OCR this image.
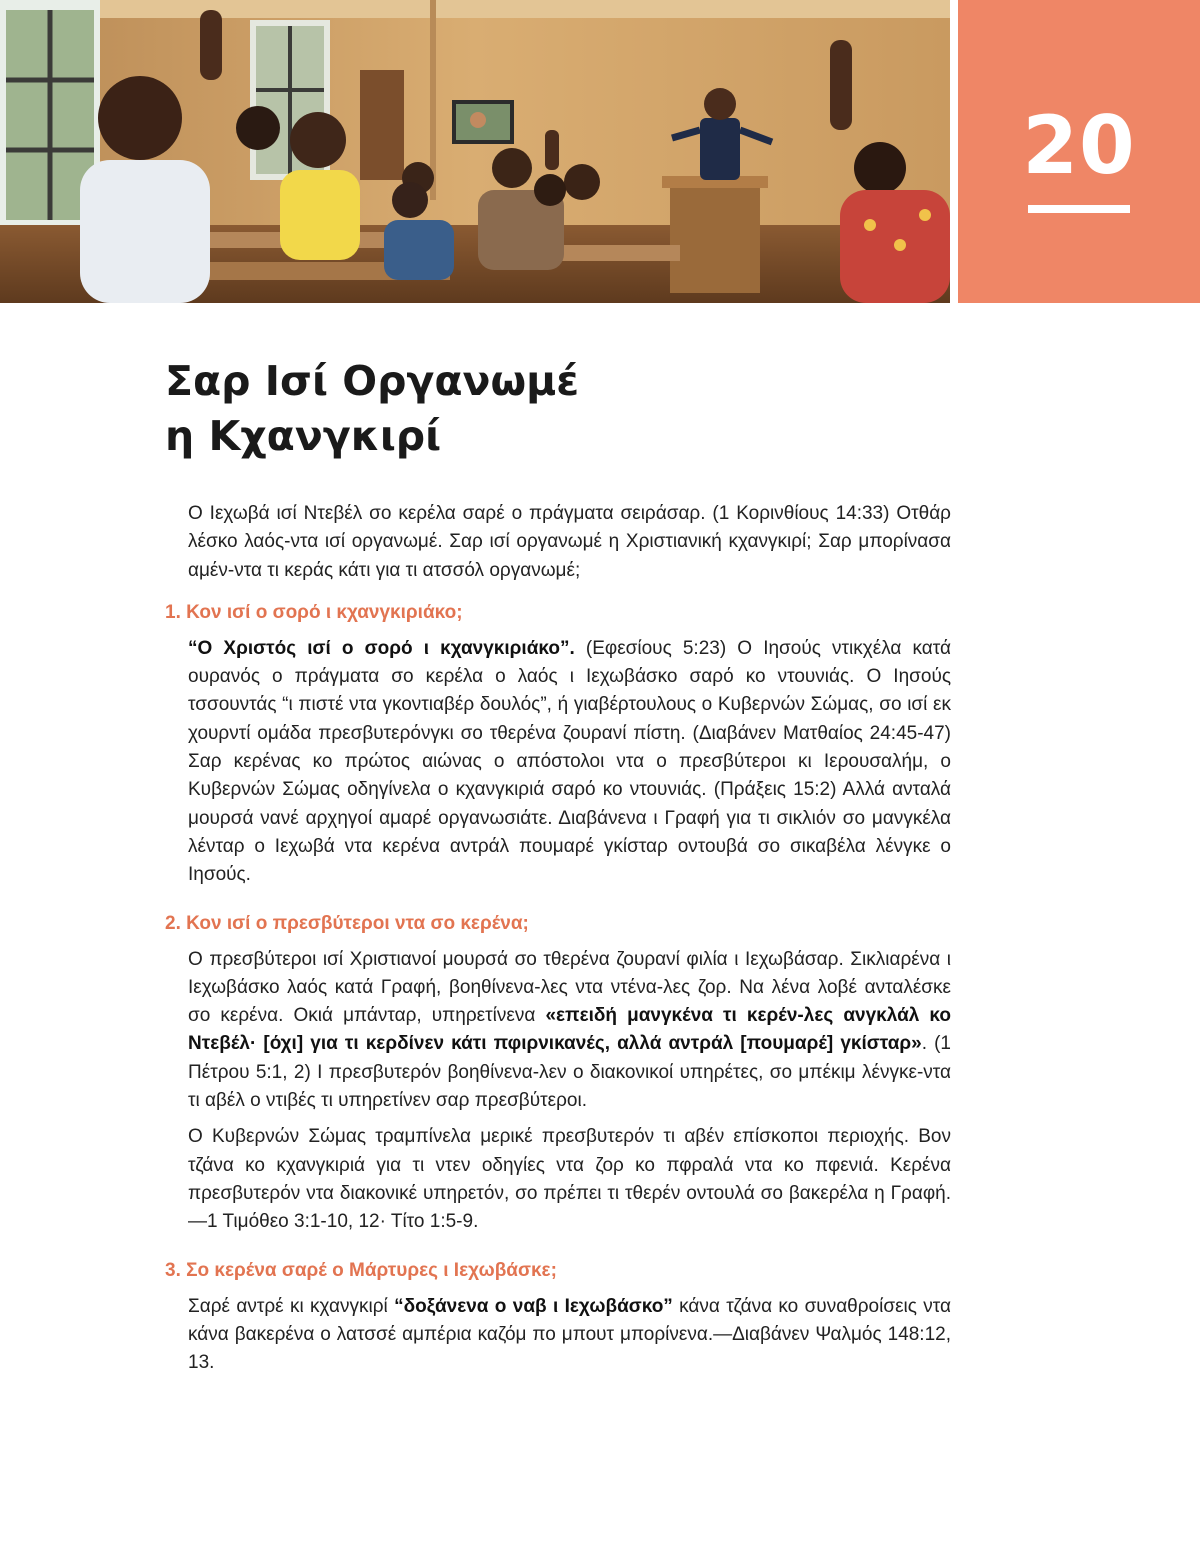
20
Σαρ Ισί Οργανωμέ
η Κχανγκιρί

Ο Ιεχωβά ισί Ντεβέλ σο κερέλα σαρέ ο πράγματα σειράσαρ. (1 Κορινθίους 14:33) Οτθάρ λέσκο λαός-ντα ισί οργανωμέ. Σαρ ισί οργανωμέ η Χριστιανική κχανγκιρί; Σαρ μπορίνασα αμέν-ντα τι κεράς κάτι για τι ατσσόλ οργανωμέ;

1. Κον ισί ο σορό ι κχανγκιριάκο;

“Ο Χριστός ισί ο σορό ι κχανγκιριάκο”. (Εφεσίους 5:23) Ο Ιησούς ντικχέλα κατά ουρανός ο πράγματα σο κερέλα ο λαός ι Ιεχωβάσκο σαρό κο ντουνιάς. Ο Ιησούς τσσουντάς “ι πιστέ ντα γκοντιαβέρ δουλός”, ή γιαβέρτουλους ο Κυβερνών Σώμας, σο ισί εκ χουρντί ομάδα πρεσβυτερόνγκι σο τθερένα ζουρανί πίστη. (Διαβάνεν Ματθαίος 24:45-47) Σαρ κερένας κο πρώτος αιώνας ο απόστολοι ντα ο πρεσβύτεροι κι Ιερουσαλήμ, ο Κυβερνών Σώμας οδηγίνελα ο κχανγκιριά σαρό κο ντουνιάς. (Πράξεις 15:2) Αλλά ανταλά μουρσά νανέ αρχηγοί αμαρέ οργανωσιάτε. Διαβάνενα ι Γραφή για τι σικλιόν σο μανγκέλα λένταρ ο Ιεχωβά ντα κερένα αντράλ πουμαρέ γκίσταρ οντουβά σο σικαβέλα λένγκε ο Ιησούς.

2. Κον ισί ο πρεσβύτεροι ντα σο κερένα;

Ο πρεσβύτεροι ισί Χριστιανοί μουρσά σο τθερένα ζουρανί φιλία ι Ιεχωβάσαρ. Σικλιαρένα ι Ιεχωβάσκο λαός κατά Γραφή, βοηθίνενα-λες ντα ντένα-λες ζορ. Να λένα λοβέ ανταλέσκε σο κερένα. Οκιά μπάνταρ, υπηρετίνενα «επειδή μανγκένα τι κερέν-λες ανγκλάλ κο Ντεβέλ· [όχι] για τι κερδίνεν κάτι πφιρνικανές, αλλά αντράλ [πουμαρέ] γκίσταρ». (1 Πέτρου 5:1, 2) Ι πρεσβυτερόν βοηθίνενα-λεν ο διακονικοί υπηρέτες, σο μπέκιμ λένγκε-ντα τι αβέλ ο ντιβές τι υπηρετίνεν σαρ πρεσβύτεροι.

Ο Κυβερνών Σώμας τραμπίνελα μερικέ πρεσβυτερόν τι αβέν επίσκοποι περιοχής. Βον τζάνα κο κχανγκιριά για τι ντεν οδηγίες ντα ζορ κο πφραλά ντα κο πφενιά. Κερένα πρεσβυτερόν ντα διακονικέ υπηρετόν, σο πρέπει τι τθερέν οντουλά σο βακερέλα η Γραφή.—1 Τιμόθεο 3:1-10, 12· Τίτο 1:5-9.

3. Σο κερένα σαρέ ο Μάρτυρες ι Ιεχωβάσκε;

Σαρέ αντρέ κι κχανγκιρί “δοξάνενα ο ναβ ι Ιεχωβάσκο” κάνα τζάνα κο συναθροίσεις ντα κάνα βακερένα ο λατσσέ αμπέρια καζόμ πο μπουτ μπορίνενα.—Διαβάνεν Ψαλμός 148:12, 13.
